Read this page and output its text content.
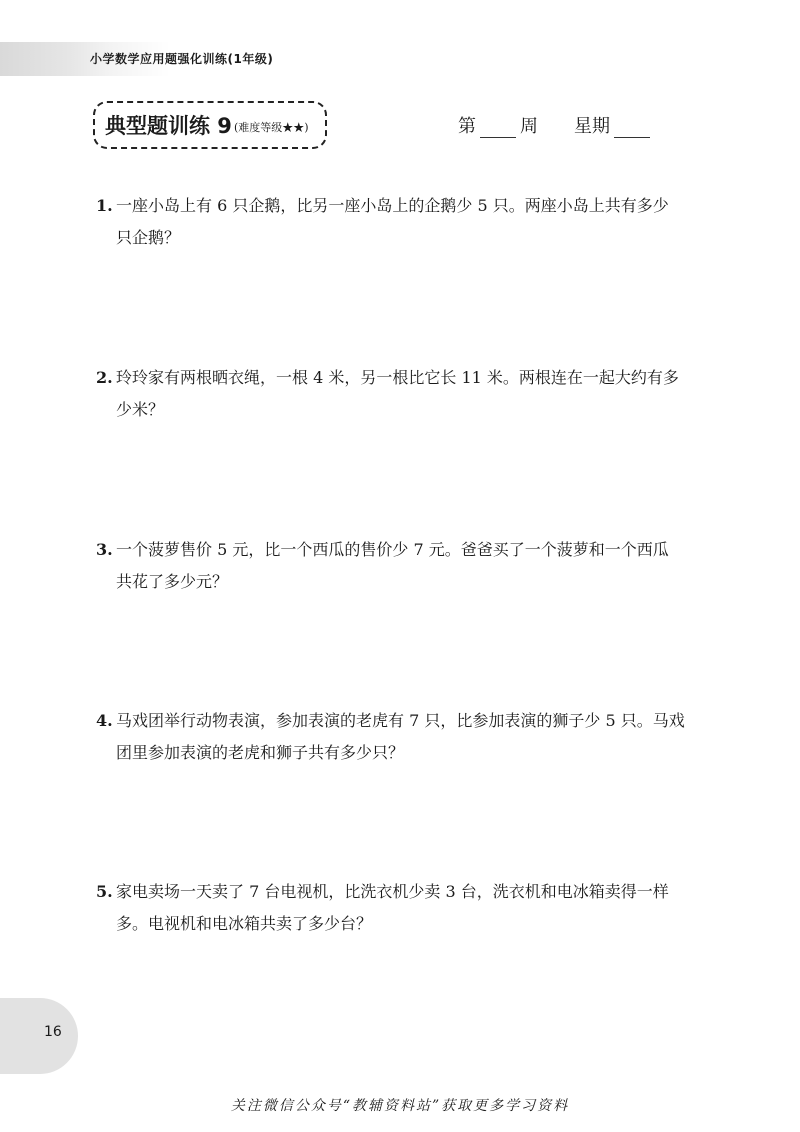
小学数学应用题强化训练(1年级)
典型题训练 9 (难度等级★★)	第 周 星期
1. 一座小岛上有 6 只企鹅，比另一座小岛上的企鹅少 5 只。两座小岛上共有多少
只企鹅？
2. 玲玲家有两根晒衣绳，一根 4 米，另一根比它长 11 米。两根连在一起大约有多
少米？
3. 一个菠萝售价 5 元，比一个西瓜的售价少 7 元。爸爸买了一个菠萝和一个西瓜
共花了多少元？
4. 马戏团举行动物表演，参加表演的老虎有 7 只，比参加表演的狮子少 5 只。马戏
团里参加表演的老虎和狮子共有多少只？
5. 家电卖场一天卖了 7 台电视机，比洗衣机少卖 3 台，洗衣机和电冰箱卖得一样
多。电视机和电冰箱共卖了多少台？
16
关注微信公众号“教辅资料站”获取更多学习资料
